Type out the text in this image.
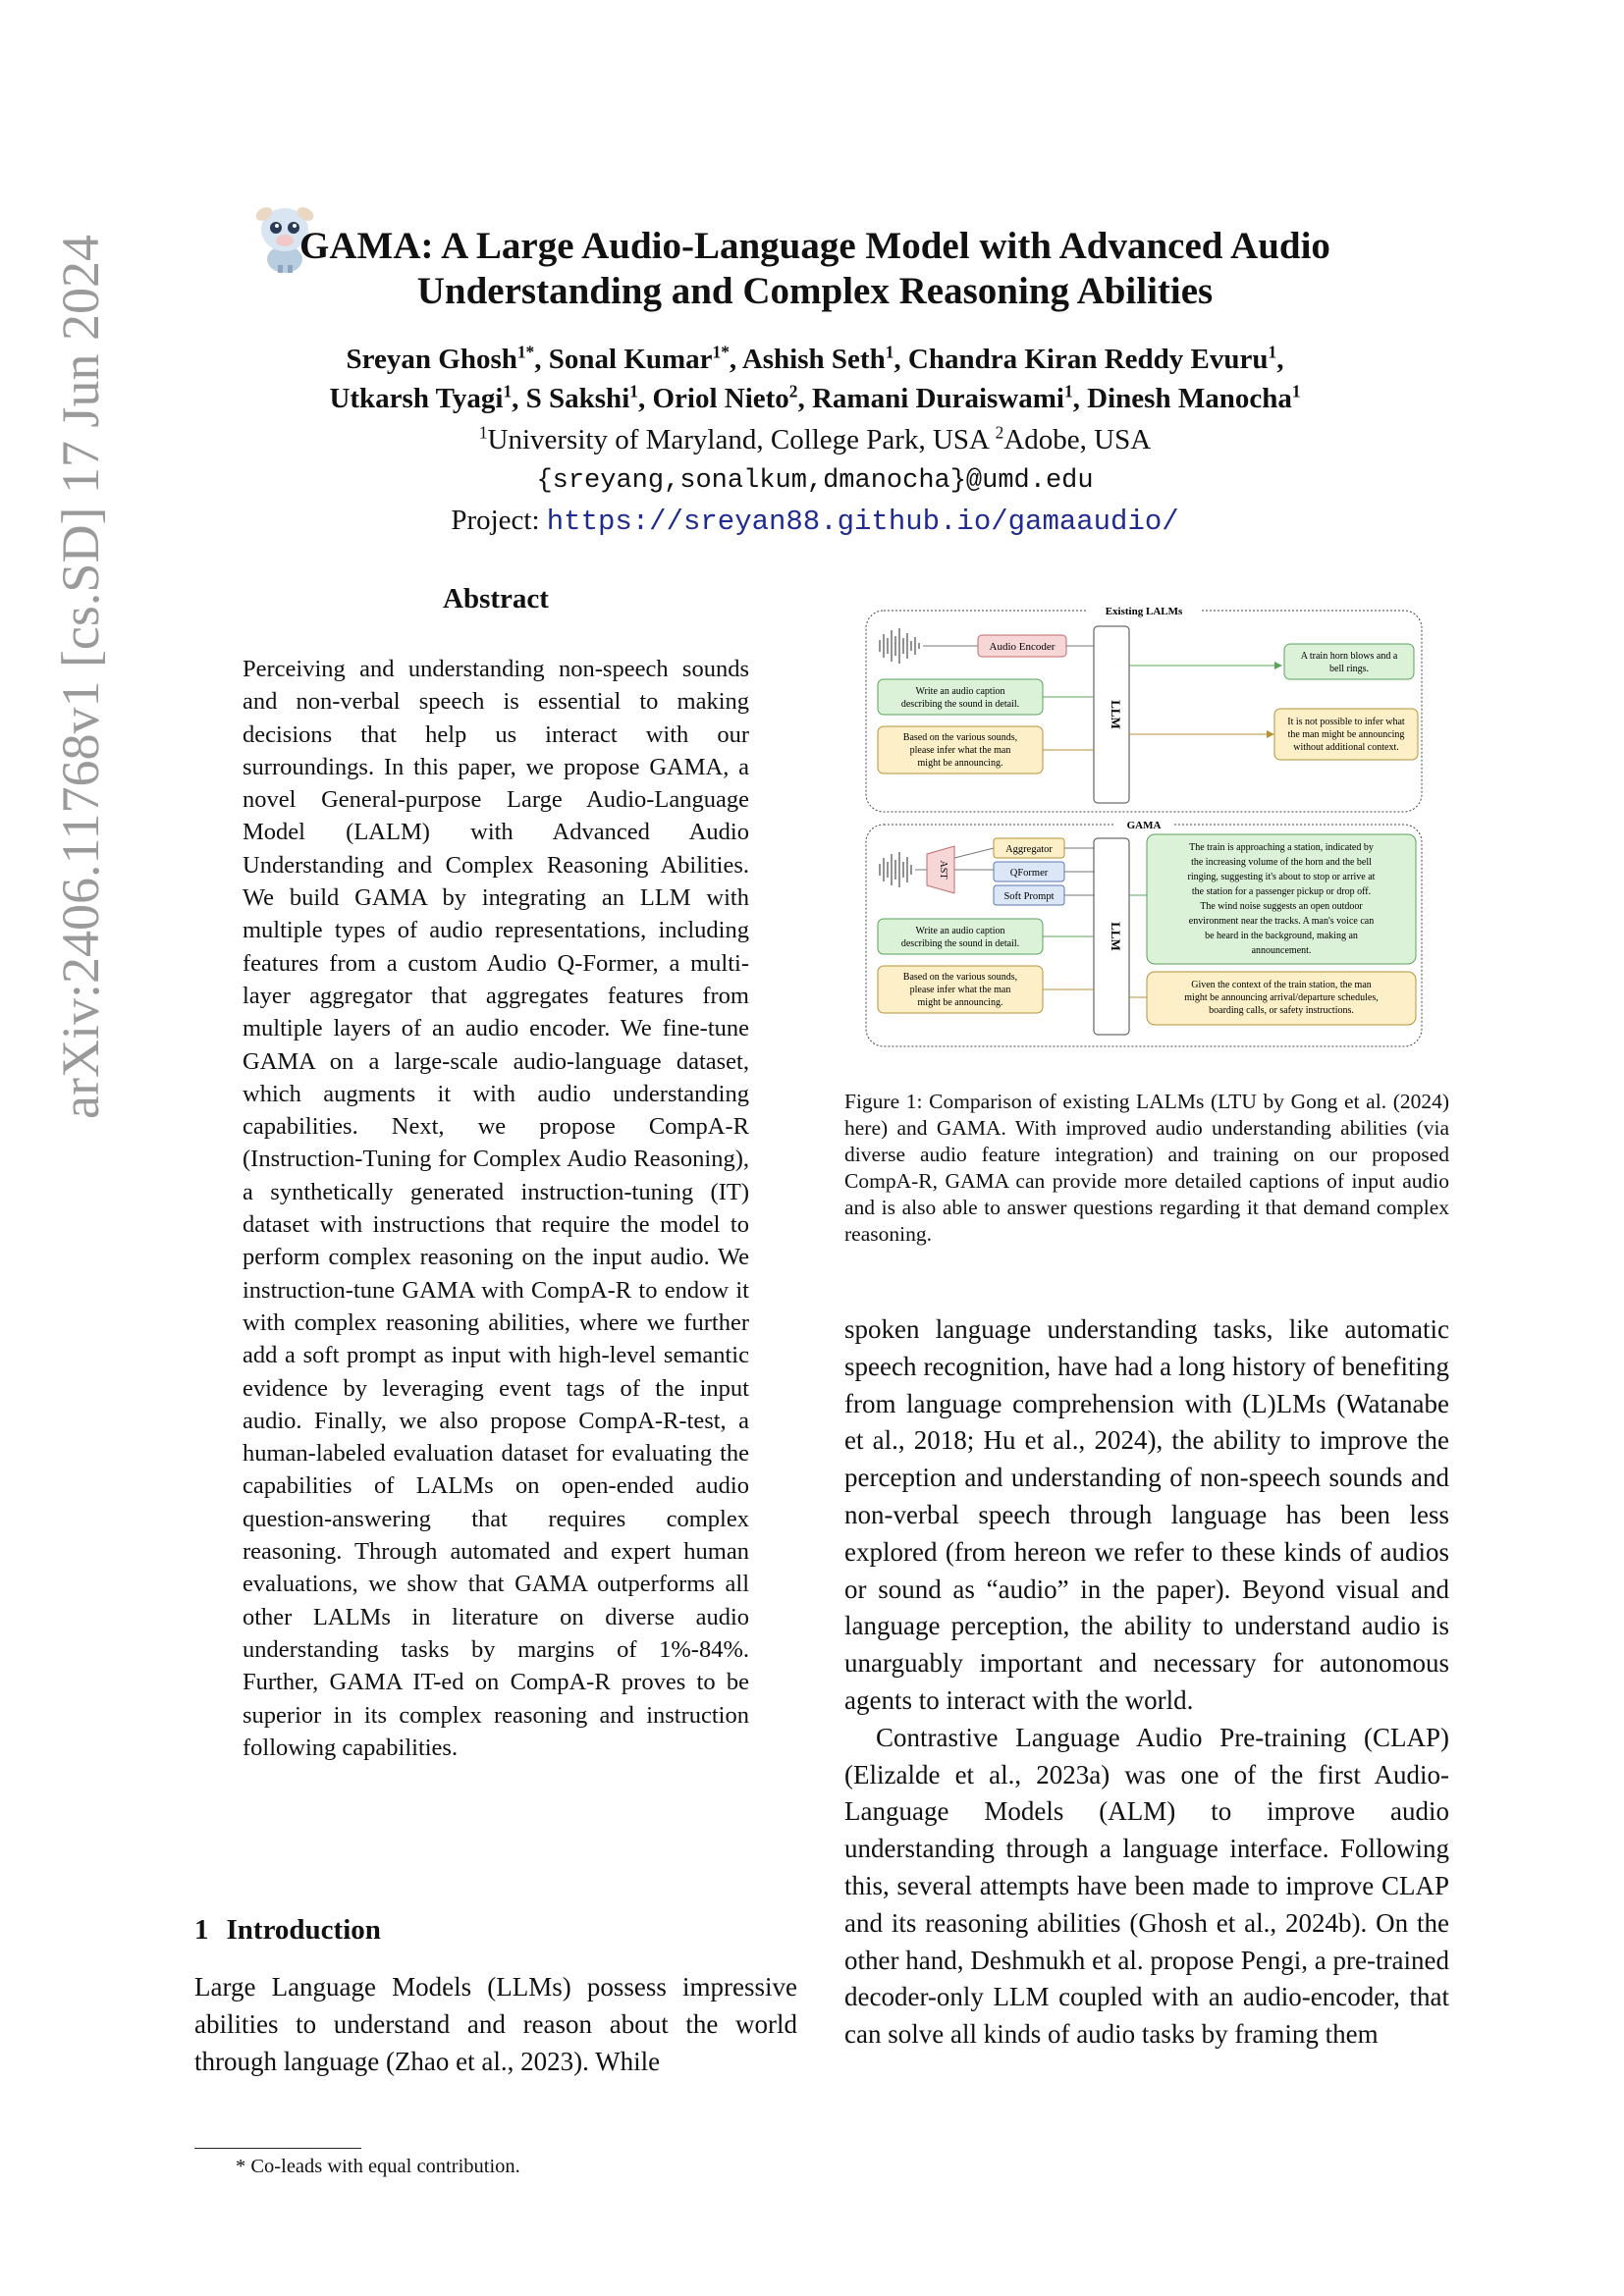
arXiv:2406.11768v1 [cs.SD] 17 Jun 2024	GAMA: A Large Audio-Language Model with Advanced Audio
Understanding and Complex Reasoning Abilities
Sreyan Ghosh$^{1*}$, Sonal Kumar$^{1*}$, Ashish Seth$^1$, Chandra Kiran Reddy Evuru$^1$,
Utkarsh Tyagi$^1$, S Sakshi$^1$, Oriol Nieto$^2$, Ramani Duraiswami$^1$, Dinesh Manocha$^1$
$^1$University of Maryland, College Park, USA $^2$Adobe, USA
{sreyang,sonalkum,dmanocha}@umd.edu
Project: https://sreyan88.github.io/gamaaudio/
Abstract
Perceiving and understanding non-speech sounds and non-verbal speech is essential to making decisions that help us interact with our surroundings. In this paper, we propose GAMA, a novel General-purpose Large Audio-Language Model (LALM) with Advanced Audio Understanding and Complex Reasoning Abilities. We build GAMA by integrating an LLM with multiple types of audio representations, including features from a custom Audio Q-Former, a multi-layer aggregator that aggregates features from multiple layers of an audio encoder. We fine-tune GAMA on a large-scale audio-language dataset, which augments it with audio understanding capabilities. Next, we propose CompA-R (Instruction-Tuning for Complex Audio Reasoning), a synthetically generated instruction-tuning (IT) dataset with instructions that require the model to perform complex reasoning on the input audio. We instruction-tune GAMA with CompA-R to endow it with complex reasoning abilities, where we further add a soft prompt as input with high-level semantic evidence by leveraging event tags of the input audio. Finally, we also propose CompA-R-test, a human-labeled evaluation dataset for evaluating the capabilities of LALMs on open-ended audio question-answering that requires complex reasoning. Through automated and expert human evaluations, we show that GAMA outperforms all other LALMs in literature on diverse audio understanding tasks by margins of 1%-84%. Further, GAMA IT-ed on CompA-R proves to be superior in its complex reasoning and instruction following capabilities.
1 Introduction
Large Language Models (LLMs) possess impressive abilities to understand and reason about the world through language (Zhao et al., 2023). While
* Co-leads with equal contribution.
Existing LALMs
Audio Encoder
LLM
Write an audio caption
describing the sound in detail.
Based on the various sounds,
please infer what the man
might be announcing.
A train horn blows and a
bell rings.
It is not possible to infer what
the man might be announcing
without additional context.
GAMA
AST
Aggregator
QFormer
Soft Prompt
LLM
Write an audio caption
describing the sound in detail.
Based on the various sounds,
please infer what the man
might be announcing.
The train is approaching a station, indicated by
the increasing volume of the horn and the bell
ringing, suggesting it's about to stop or arrive at
the station for a passenger pickup or drop off.
The wind noise suggests an open outdoor
environment near the tracks. A man's voice can
be heard in the background, making an
announcement.
Given the context of the train station, the man
might be announcing arrival/departure schedules,
boarding calls, or safety instructions.
Figure 1: Comparison of existing LALMs (LTU by Gong et al. (2024) here) and GAMA. With improved audio understanding abilities (via diverse audio feature integration) and training on our proposed CompA-R, GAMA can provide more detailed captions of input audio and is also able to answer questions regarding it that demand complex reasoning.

spoken language understanding tasks, like automatic speech recognition, have had a long history of benefiting from language comprehension with (L)LMs (Watanabe et al., 2018; Hu et al., 2024), the ability to improve the perception and understanding of non-speech sounds and non-verbal speech through language has been less explored (from hereon we refer to these kinds of audios or sound as “audio” in the paper). Beyond visual and language perception, the ability to understand audio is unarguably important and necessary for autonomous agents to interact with the world.

Contrastive Language Audio Pre-training (CLAP) (Elizalde et al., 2023a) was one of the first Audio-Language Models (ALM) to improve audio understanding through a language interface. Following this, several attempts have been made to improve CLAP and its reasoning abilities (Ghosh et al., 2024b). On the other hand, Deshmukh et al. propose Pengi, a pre-trained decoder-only LLM coupled with an audio-encoder, that can solve all kinds of audio tasks by framing them
